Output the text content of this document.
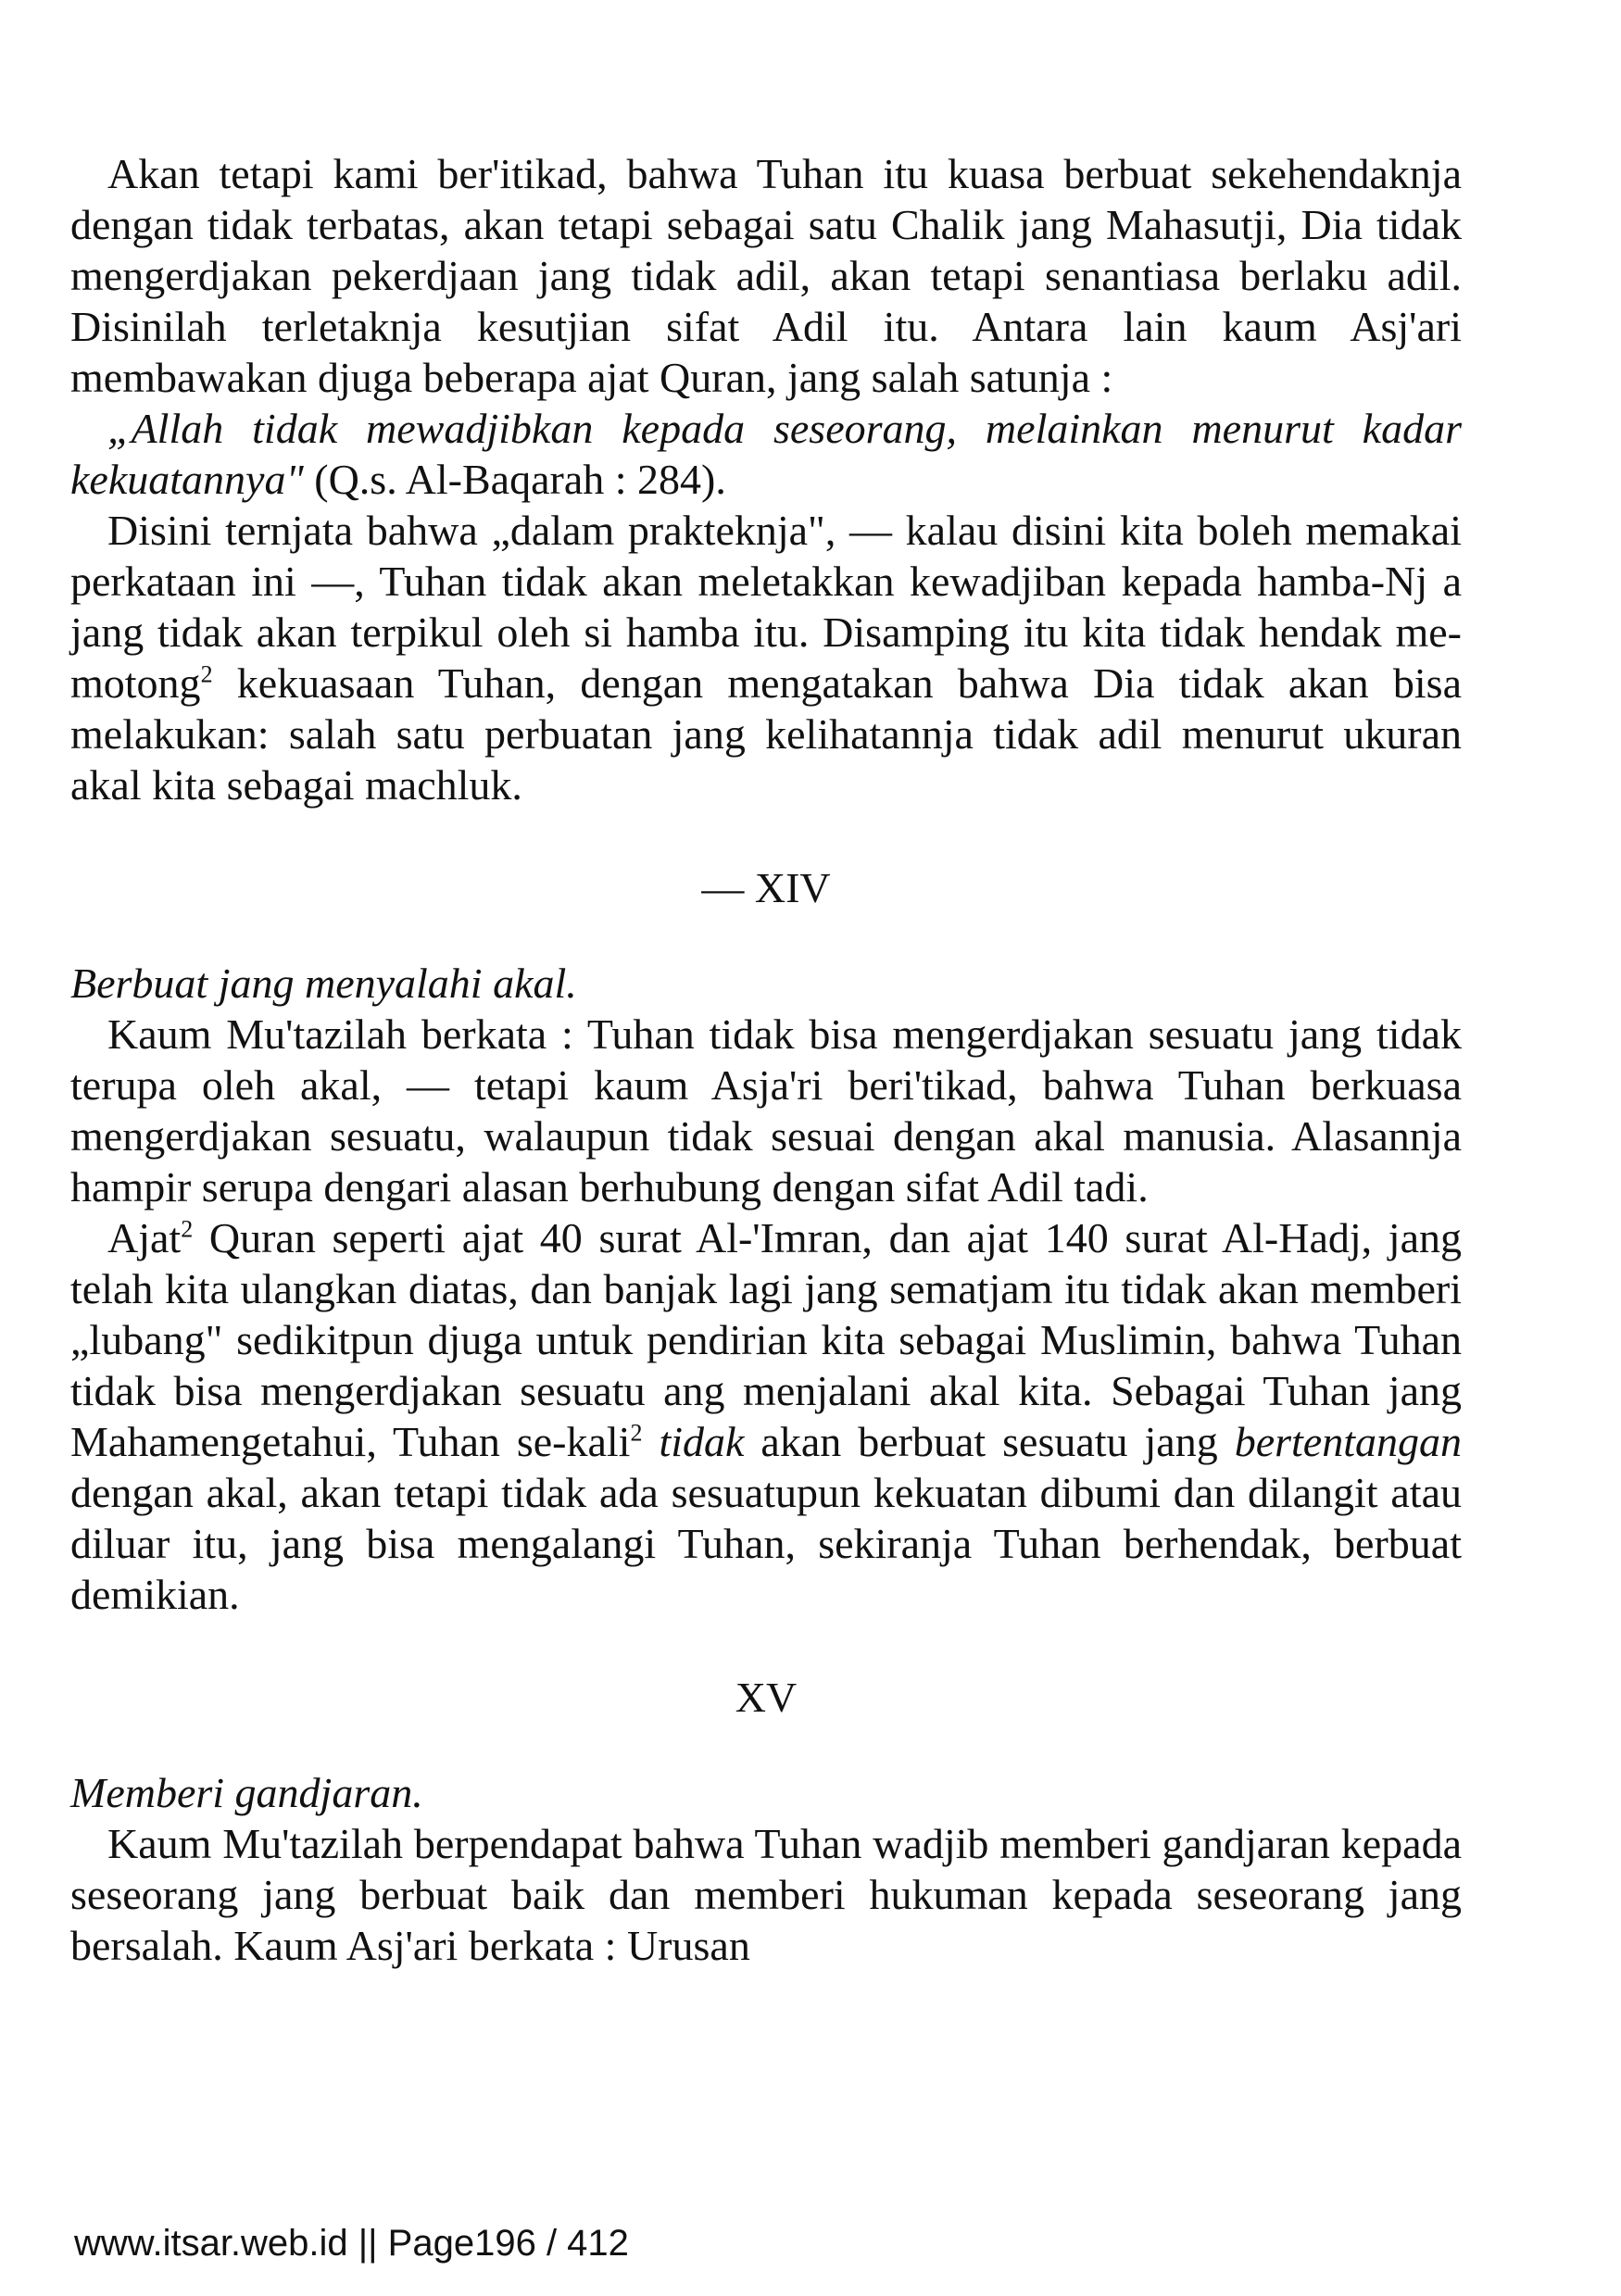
Akan tetapi kami ber'itikad, bahwa Tuhan itu kuasa berbuat sekehendaknja dengan tidak terbatas, akan tetapi sebagai satu Chalik jang Mahasutji, Dia tidak mengerdjakan pekerdjaan jang tidak adil, akan tetapi senantiasa berlaku adil. Disinilah terletaknja kesutjian sifat Adil itu. Antara lain kaum Asj'ari membawakan djuga beberapa ajat Quran, jang salah satunja :

„Allah tidak mewadjibkan kepada seseorang, melainkan menurut kadar kekuatannya" (Q.s. Al-Baqarah : 284).

Disini ternjata bahwa „dalam prakteknja", — kalau disini kita boleh memakai perkataan ini —, Tuhan tidak akan meletakkan kewadjiban kepada hamba-Nj a jang tidak akan terpikul oleh si hamba itu. Disamping itu kita tidak hendak me-motong$^2$ kekuasaan Tuhan, dengan mengatakan bahwa Dia tidak akan bisa melakukan: salah satu perbuatan jang kelihatannja tidak adil menurut ukuran akal kita sebagai machluk.

— XIV

Berbuat jang menyalahi akal.

Kaum Mu'tazilah berkata : Tuhan tidak bisa mengerdjakan sesuatu jang tidak terupa oleh akal, — tetapi kaum Asja'ri beri'tikad, bahwa Tuhan berkuasa mengerdjakan sesuatu, walaupun tidak sesuai dengan akal manusia. Alasannja hampir serupa dengari alasan berhubung dengan sifat Adil tadi.

Ajat$^2$ Quran seperti ajat 40 surat Al-'Imran, dan ajat 140 surat Al-Hadj, jang telah kita ulangkan diatas, dan banjak lagi jang sematjam itu tidak akan memberi „lubang" sedikitpun djuga untuk pendirian kita sebagai Muslimin, bahwa Tuhan tidak bisa mengerdjakan sesuatu ang menjalani akal kita. Sebagai Tuhan jang Mahamengetahui, Tuhan se-kali$^2$ tidak akan berbuat sesuatu jang bertentangan dengan akal, akan tetapi tidak ada sesuatupun kekuatan dibumi dan dilangit atau diluar itu, jang bisa mengalangi Tuhan, sekiranja Tuhan berhendak, berbuat demikian.

XV

Memberi gandjaran.

Kaum Mu'tazilah berpendapat bahwa Tuhan wadjib memberi gandjaran kepada seseorang jang berbuat baik dan memberi hukuman kepada seseorang jang bersalah. Kaum Asj'ari berkata : Urusan

www.itsar.web.id || Page196 / 412
